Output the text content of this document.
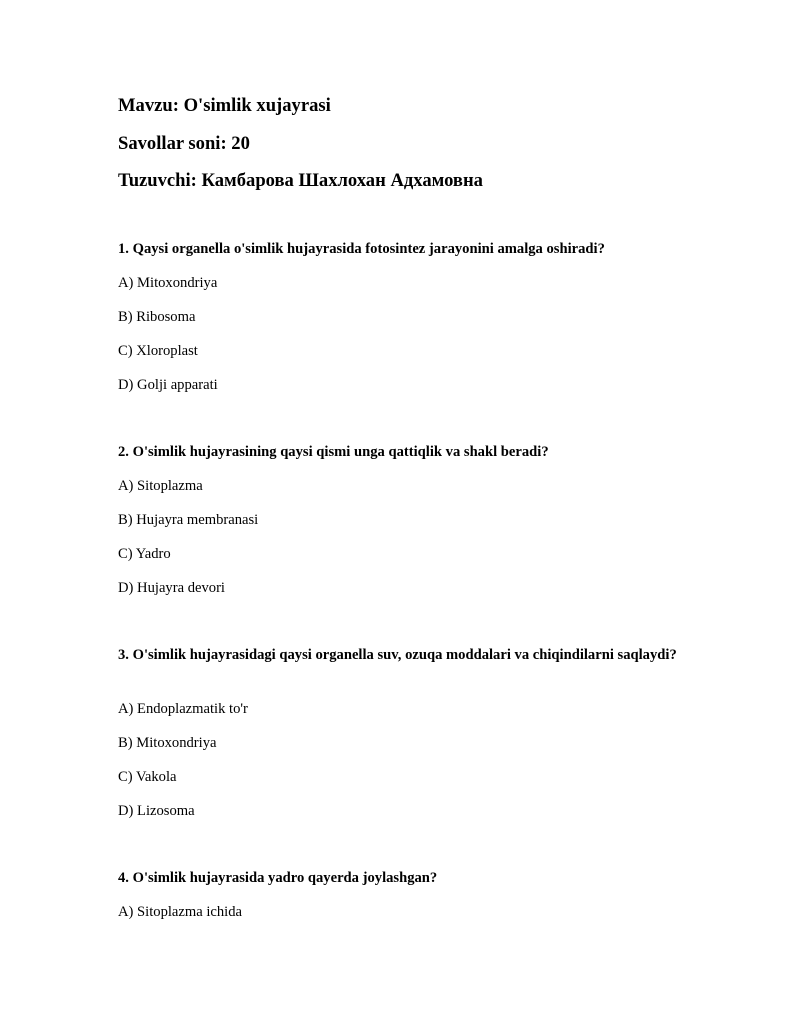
Mavzu: O'simlik xujayrasi
Savollar soni: 20
Tuzuvchi: Камбарова Шахлохан Адхамовна
1. Qaysi organella o'simlik hujayrasida fotosintez jarayonini amalga oshiradi?
A) Mitoxondriya
B) Ribosoma
C) Xloroplast
D) Golji apparati
2. O'simlik hujayrasining qaysi qismi unga qattiqlik va shakl beradi?
A) Sitoplazma
B) Hujayra membranasi
C) Yadro
D) Hujayra devori
3. O'simlik hujayrasidagi qaysi organella suv, ozuqa moddalari va chiqindilarni saqlaydi?
A) Endoplazmatik to'r
B) Mitoxondriya
C) Vakola
D) Lizosoma
4. O'simlik hujayrasida yadro qayerda joylashgan?
A) Sitoplazma ichida
